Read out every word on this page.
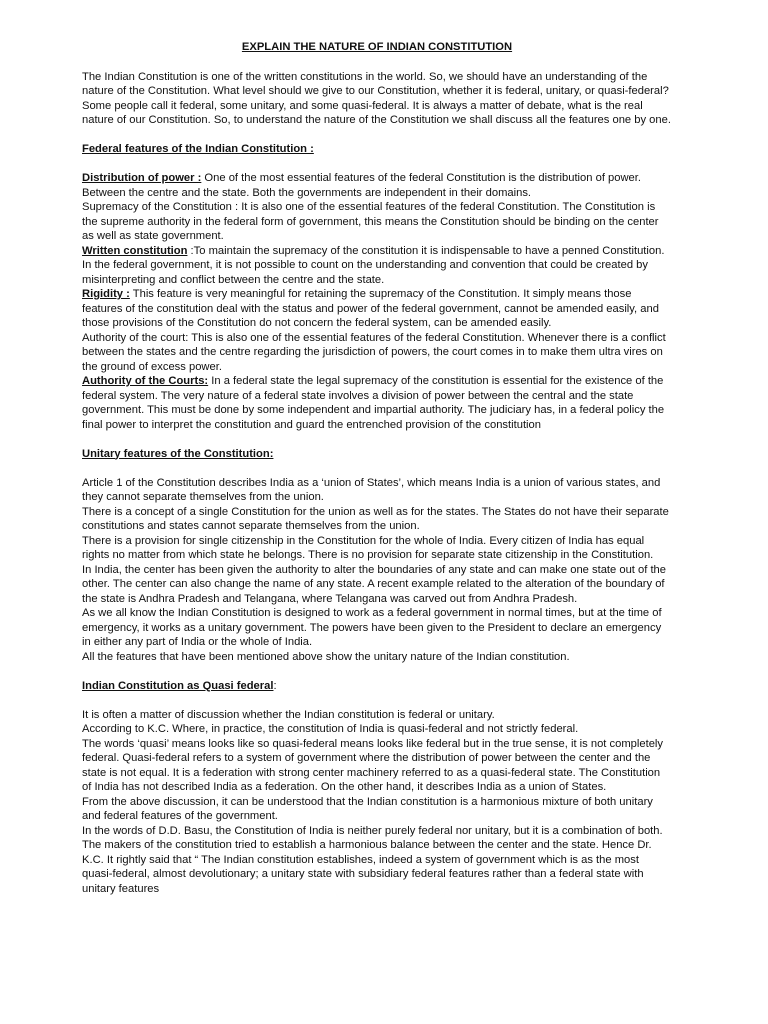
EXPLAIN THE NATURE OF INDIAN CONSTITUTION

The Indian Constitution is one of the written constitutions in the world. So, we should have an understanding of the nature of the Constitution. What level should we give to our Constitution, whether it is federal, unitary, or quasi-federal?Some people call it federal, some unitary, and some quasi-federal. It is always a matter of debate, what is the real nature of our Constitution. So, to understand the nature of the Constitution we shall discuss all the features one by one.

Federal features of the Indian Constitution :

Distribution of power : One of the most essential features of the federal Constitution is the distribution of power. Between the centre and the state. Both the governments are independent in their domains.

Supremacy of the Constitution : It is also one of the essential features of the federal Constitution. The Constitution is the supreme authority in the federal form of government, this means the Constitution should be binding on the center as well as state government.

Written constitution :To maintain the supremacy of the constitution it is indispensable to have a penned Constitution. In the federal government, it is not possible to count on the understanding and convention that could be created by misinterpreting and conflict between the centre and the state.

Rigidity : This feature is very meaningful for retaining the supremacy of the Constitution. It simply means those features of the constitution deal with the status and power of the federal government, cannot be amended easily, and those provisions of the Constitution do not concern the federal system, can be amended easily.

Authority of the court: This is also one of the essential features of the federal Constitution. Whenever there is a conflict between the states and the centre regarding the jurisdiction of powers, the court comes in to make them ultra vires on the ground of excess power.

Authority of the Courts: In a federal state the legal supremacy of the constitution is essential for the existence of the federal system. The very nature of a federal state involves a division of power between the central and the state government. This must be done by some independent and impartial authority. The judiciary has, in a federal policy the final power to interpret the constitution and guard the entrenched provision of the constitution

Unitary features of the Constitution:

Article 1 of the Constitution describes India as a ‘union of States’, which means India is a union of various states, and they cannot separate themselves from the union.

There is a concept of a single Constitution for the union as well as for the states. The States do not have their separate constitutions and states cannot separate themselves from the union.

There is a provision for single citizenship in the Constitution for the whole of India. Every citizen of India has equal rights no matter from which state he belongs. There is no provision for separate state citizenship in the Constitution.

In India, the center has been given the authority to alter the boundaries of any state and can make one state out of the other. The center can also change the name of any state. A recent example related to the alteration of the boundary of the state is Andhra Pradesh and Telangana, where Telangana was carved out from Andhra Pradesh.

As we all know the Indian Constitution is designed to work as a federal government in normal times, but at the time of emergency, it works as a unitary government. The powers have been given to the President to declare an emergency in either any part of India or the whole of India.

All the features that have been mentioned above show the unitary nature of the Indian constitution.

Indian Constitution as Quasi federal:

It is often a matter of discussion whether the Indian constitution is federal or unitary.

According to K.C. Where, in practice, the constitution of India is quasi-federal and not strictly federal.

The words ‘quasi’ means looks like so quasi-federal means looks like federal but in the true sense, it is not completely federal. Quasi-federal refers to a system of government where the distribution of power between the center and the state is not equal. It is a federation with strong center machinery referred to as a quasi-federal state. The Constitution of India has not described India as a federation. On the other hand, it describes India as a union of States.

From the above discussion, it can be understood that the Indian constitution is a harmonious mixture of both unitary and federal features of the government.

In the words of D.D. Basu, the Constitution of India is neither purely federal nor unitary, but it is a combination of both.

The makers of the constitution tried to establish a harmonious balance between the center and the state. Hence Dr. K.C. It rightly said that “ The Indian constitution establishes, indeed a system of government which is as the most quasi-federal, almost devolutionary; a unitary state with subsidiary federal features rather than a federal state with unitary features
